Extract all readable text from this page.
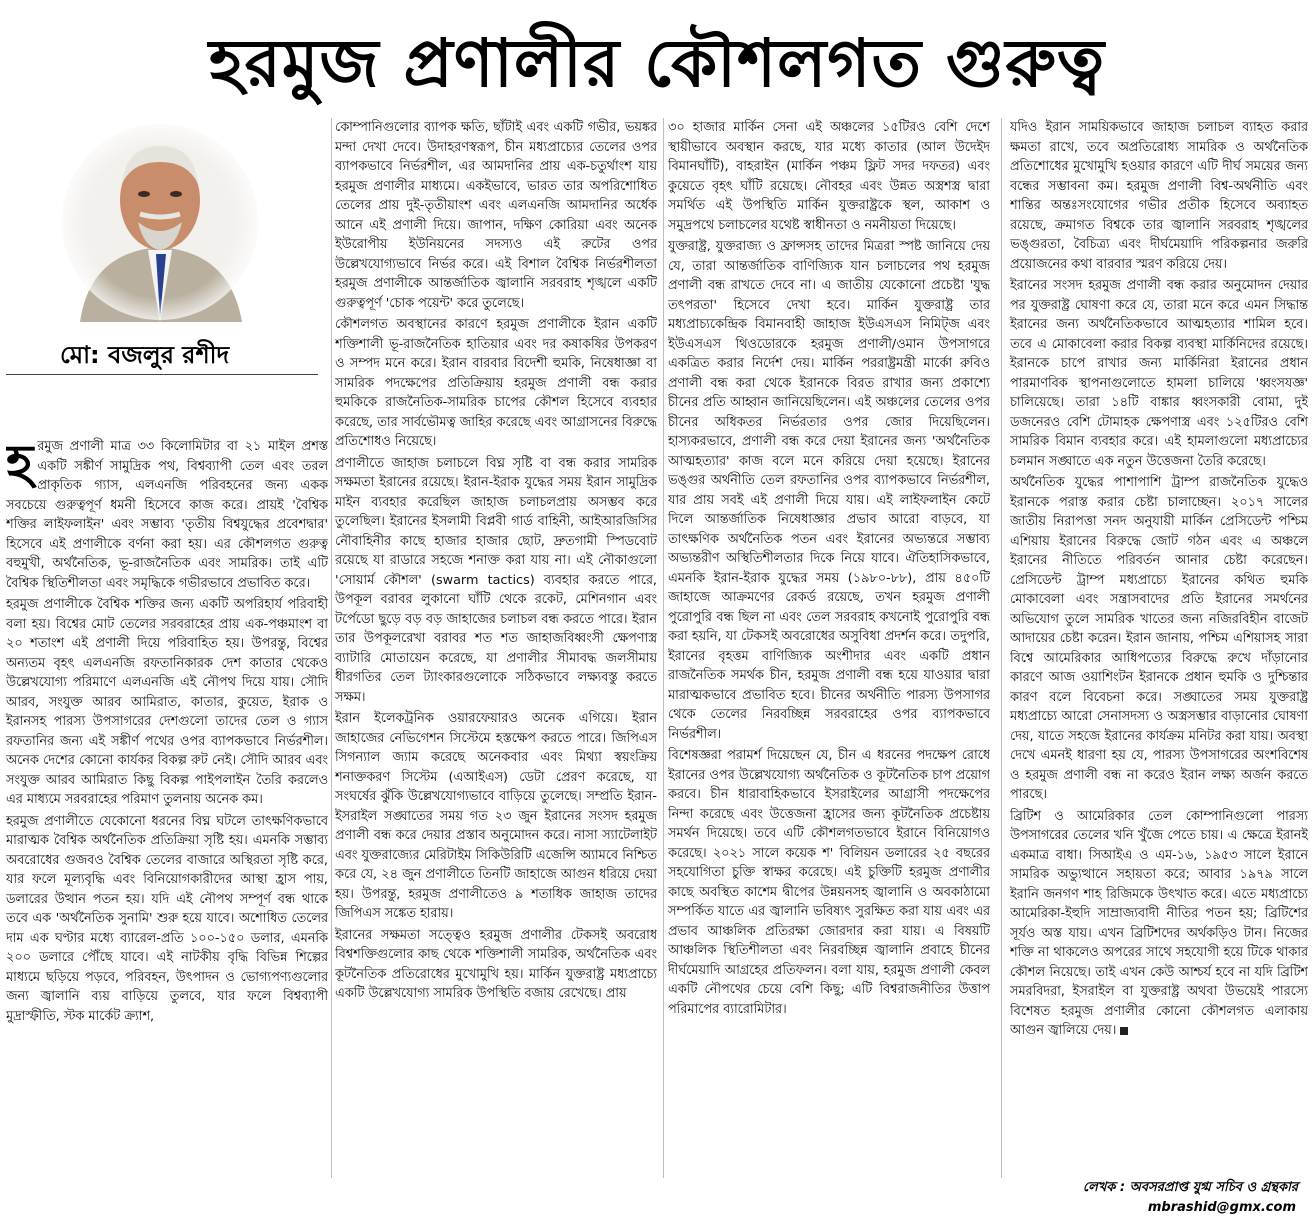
হরমুজ প্রণালীর কৌশলগত গুরুত্ব
মো: বজলুর রশীদ

হরমুজ প্রণালী মাত্র ৩৩ কিলোমিটার বা ২১ মাইল প্রশস্ত একটি সঙ্কীর্ণ সামুদ্রিক পথ, বিশ্বব্যাপী তেল এবং তরল প্রাকৃতিক গ্যাস, এলএনজি পরিবহনের জন্য একক সবচেয়ে গুরুত্বপূর্ণ ধমনী হিসেবে কাজ করে। প্রায়ই 'বৈশ্বিক শক্তির লাইফলাইন' এবং সম্ভাব্য 'তৃতীয় বিশ্বযুদ্ধের প্রবেশদ্বার' হিসেবে এই প্রণালীকে বর্ণনা করা হয়। এর কৌশলগত গুরুত্ব বহুমুখী, অর্থনৈতিক, ভূ-রাজনৈতিক এবং সামরিক। তাই এটি বৈশ্বিক স্থিতিশীলতা এবং সমৃদ্ধিকে গভীরভাবে প্রভাবিত করে।

হরমুজ প্রণালীকে বৈশ্বিক শক্তির জন্য একটি অপরিহার্য পরিবাহী বলা হয়। বিশ্বের মোট তেলের সরবরাহের প্রায় এক-পঞ্চমাংশ বা ২০ শতাংশ এই প্রণালী দিয়ে পরিবাহিত হয়। উপরন্তু, বিশ্বের অন্যতম বৃহৎ এলএনজি রফতানিকারক দেশ কাতার থেকেও উল্লেখযোগ্য পরিমাণে এলএনজি এই নৌপথ দিয়ে যায়। সৌদি আরব, সংযুক্ত আরব আমিরাত, কাতার, কুয়েত, ইরাক ও ইরানসহ পারস্য উপসাগরের দেশগুলো তাদের তেল ও গ্যাস রফতানির জন্য এই সঙ্কীর্ণ পথের ওপর ব্যাপকভাবে নির্ভরশীল। অনেক দেশের কোনো কার্যকর বিকল্প রুট নেই। সৌদি আরব এবং সংযুক্ত আরব আমিরাত কিছু বিকল্প পাইপলাইন তৈরি করলেও এর মাধ্যমে সরবরাহের পরিমাণ তুলনায় অনেক কম।

হরমুজ প্রণালীতে যেকোনো ধরনের বিঘ্ন ঘটলে তাৎক্ষণিকভাবে মারাত্মক বৈশ্বিক অর্থনৈতিক প্রতিক্রিয়া সৃষ্টি হয়। এমনকি সম্ভাব্য অবরোধের গুজবও বৈশ্বিক তেলের বাজারে অস্থিরতা সৃষ্টি করে, যার ফলে মূল্যবৃদ্ধি এবং বিনিয়োগকারীদের আস্থা হ্রাস পায়, ডলারের উত্থান পতন হয়। যদি এই নৌপথ সম্পূর্ণ বন্ধ থাকে তবে এক 'অর্থনৈতিক সুনামি' শুরু হয়ে যাবে। অশোধিত তেলের দাম এক ঘণ্টার মধ্যে ব্যারেল-প্রতি ১০০-১৫০ ডলার, এমনকি ২০০ ডলারে পৌঁছে যাবে। এই নাটকীয় বৃদ্ধি বিভিন্ন শিল্পের মাধ্যমে ছড়িয়ে পড়বে, পরিবহন, উৎপাদন ও ভোগ্যপণ্যগুলোর জন্য জ্বালানি ব্যয় বাড়িয়ে তুলবে, যার ফলে বিশ্বব্যাপী মুদ্রাস্ফীতি, স্টক মার্কেট ক্র্যাশ,

কোম্পানিগুলোর ব্যাপক ক্ষতি, ছাঁটাই এবং একটি গভীর, ভয়ঙ্কর মন্দা দেখা দেবে। উদাহরণস্বরূপ, চীন মধ্যপ্রাচ্যের তেলের ওপর ব্যাপকভাবে নির্ভরশীল, এর আমদানির প্রায় এক-চতুর্থাংশ যায় হরমুজ প্রণালীর মাধ্যমে। একইভাবে, ভারত তার অপরিশোধিত তেলের প্রায় দুই-তৃতীয়াংশ এবং এলএনজি আমদানির অর্ধেক আনে এই প্রণালী দিয়ে। জাপান, দক্ষিণ কোরিয়া এবং অনেক ইউরোপীয় ইউনিয়নের সদস্যও এই রুটের ওপর উল্লেখযোগ্যভাবে নির্ভর করে। এই বিশাল বৈশ্বিক নির্ভরশীলতা হরমুজ প্রণালীকে আন্তর্জাতিক জ্বালানি সরবরাহ শৃঙ্খলে একটি গুরুত্বপূর্ণ 'চোক পয়েন্ট' করে তুলেছে।

কৌশলগত অবস্থানের কারণে হরমুজ প্রণালীকে ইরান একটি শক্তিশালী ভূ-রাজনৈতিক হাতিয়ার এবং দর কষাকষির উপকরণ ও সম্পদ মনে করে। ইরান বারবার বিদেশী হুমকি, নিষেধাজ্ঞা বা সামরিক পদক্ষেপের প্রতিক্রিয়ায় হরমুজ প্রণালী বন্ধ করার হুমকিকে রাজনৈতিক-সামরিক চাপের কৌশল হিসেবে ব্যবহার করেছে, তার সার্বভৌমত্ব জাহির করেছে এবং আগ্রাসনের বিরুদ্ধে প্রতিশোধও নিয়েছে।

প্রণালীতে জাহাজ চলাচলে বিঘ্ন সৃষ্টি বা বন্ধ করার সামরিক সক্ষমতা ইরানের রয়েছে। ইরান-ইরাক যুদ্ধের সময় ইরান সামুদ্রিক মাইন ব্যবহার করেছিল জাহাজ চলাচলপ্রায় অসম্ভব করে তুলেছিল। ইরানের ইসলামী বিপ্লবী গার্ড বাহিনী, আইআরজিসির নৌবাহিনীর কাছে হাজার হাজার ছোট, দ্রুতগামী স্পিডবোট রয়েছে যা রাডারে সহজে শনাক্ত করা যায় না। এই নৌকাগুলো 'সোয়ার্ম কৌশল' (swarm tactics) ব্যবহার করতে পারে, উপকূল বরাবর লুকানো ঘাঁটি থেকে রকেট, মেশিনগান এবং টর্পেডো ছুড়ে বড় বড় জাহাজের চলাচল বন্ধ করতে পারে। ইরান তার উপকূলরেখা বরাবর শত শত জাহাজবিধ্বংসী ক্ষেপণাস্ত্র ব্যাটারি মোতায়েন করেছে, যা প্রণালীর সীমাবদ্ধ জলসীমায় ধীরগতির তেল ট্যাংকারগুলোকে সঠিকভাবে লক্ষ্যবস্তু করতে সক্ষম।

ইরান ইলেকট্রনিক ওয়ারফেয়ারও অনেক এগিয়ে। ইরান জাহাজের নেভিগেশন সিস্টেমে হস্তক্ষেপ করতে পারে। জিপিএস সিগন্যাল জ্যাম করেছে অনেকবার এবং মিথ্যা স্বয়ংক্রিয় শনাক্তকরণ সিস্টেম (এআইএস) ডেটা প্রেরণ করেছে, যা সংঘর্ষের ঝুঁকি উল্লেখযোগ্যভাবে বাড়িয়ে তুলেছে। সম্প্রতি ইরান-ইসরাইল সঙ্ঘাতের সময় গত ২৩ জুন ইরানের সংসদ হরমুজ প্রণালী বন্ধ করে দেয়ার প্রস্তাব অনুমোদন করে। নাসা স্যাটেলাইট এবং যুক্তরাজ্যের মেরিটাইম সিকিউরিটি এজেন্সি অ্যামবে নিশ্চিত করে যে, ২৪ জুন প্রণালীতে তিনটি জাহাজে আগুন ধরিয়ে দেয়া হয়। উপরন্তু, হরমুজ প্রণালীতেও ৯ শতাধিক জাহাজ তাদের জিপিএস সঙ্কেত হারায়।

ইরানের সক্ষমতা সত্ত্বেও হরমুজ প্রণালীর টেকসই অবরোধ বিশ্বশক্তিগুলোর কাছ থেকে শক্তিশালী সামরিক, অর্থনৈতিক এবং কূটনৈতিক প্রতিরোধের মুখোমুখি হয়। মার্কিন যুক্তরাষ্ট্র মধ্যপ্রাচ্যে একটি উল্লেখযোগ্য সামরিক উপস্থিতি বজায় রেখেছে। প্রায়

৩০ হাজার মার্কিন সেনা এই অঞ্চলের ১৫টিরও বেশি দেশে স্থায়ীভাবে অবস্থান করছে, যার মধ্যে কাতার (আল উদেইদ বিমানঘাঁটি), বাহরাইন (মার্কিন পঞ্চম ফ্লিট সদর দফতর) এবং কুয়েতে বৃহৎ ঘাঁটি রয়েছে। নৌবহর এবং উন্নত অস্ত্রশস্ত্র দ্বারা সমর্থিত এই উপস্থিতি মার্কিন যুক্তরাষ্ট্রকে স্থল, আকাশ ও সমুদ্রপথে চলাচলের যথেষ্ট স্বাধীনতা ও নমনীয়তা দিয়েছে।

যুক্তরাষ্ট্র, যুক্তরাজ্য ও ফ্রান্সসহ তাদের মিত্ররা স্পষ্ট জানিয়ে দেয় যে, তারা আন্তর্জাতিক বাণিজ্যিক যান চলাচলের পথ হরমুজ প্রণালী বন্ধ রাখতে দেবে না। এ জাতীয় যেকোনো প্রচেষ্টা 'যুদ্ধ তৎপরতা' হিসেবে দেখা হবে। মার্কিন যুক্তরাষ্ট্র তার মধ্যপ্রাচ্যকেন্দ্রিক বিমানবাহী জাহাজ ইউএসএস নিমিট্জ এবং ইউএসএস থিওডোরকে হরমুজ প্রণালী/ওমান উপসাগরে একত্রিত করার নির্দেশ দেয়। মার্কিন পররাষ্ট্রমন্ত্রী মার্কো রুবিও প্রণালী বন্ধ করা থেকে ইরানকে বিরত রাখার জন্য প্রকাশ্যে চীনের প্রতি আহ্বান জানিয়েছিলেন। এই অঞ্চলের তেলের ওপর চীনের অধিকতর নির্ভরতার ওপর জোর দিয়েছিলেন। হাস্যকরভাবে, প্রণালী বন্ধ করে দেয়া ইরানের জন্য 'অর্থনৈতিক আত্মহত্যার' কাজ বলে মনে করিয়ে দেয়া হয়েছে। ইরানের ভঙ্গুর অর্থনীতি তেল রফতানির ওপর ব্যাপকভাবে নির্ভরশীল, যার প্রায় সবই এই প্রণালী দিয়ে যায়। এই লাইফলাইন কেটে দিলে আন্তর্জাতিক নিষেধাজ্ঞার প্রভাব আরো বাড়বে, যা তাৎক্ষণিক অর্থনৈতিক পতন এবং ইরানের অভ্যন্তরে সম্ভাব্য অভ্যন্তরীণ অস্থিতিশীলতার দিকে নিয়ে যাবে। ঐতিহাসিকভাবে, এমনকি ইরান-ইরাক যুদ্ধের সময় (১৯৮০-৮৮), প্রায় ৪৫০টি জাহাজে আক্রমণের রেকর্ড রয়েছে, তখন হরমুজ প্রণালী পুরোপুরি বন্ধ ছিল না এবং তেল সরবরাহ কখনোই পুরোপুরি বন্ধ করা হয়নি, যা টেকসই অবরোধের অসুবিধা প্রদর্শন করে। তদুপরি, ইরানের বৃহত্তম বাণিজ্যিক অংশীদার এবং একটি প্রধান রাজনৈতিক সমর্থক চীন, হরমুজ প্রণালী বন্ধ হয়ে যাওয়ার দ্বারা মারাত্মকভাবে প্রভাবিত হবে। চীনের অর্থনীতি পারস্য উপসাগর থেকে তেলের নিরবচ্ছিন্ন সরবরাহের ওপর ব্যাপকভাবে নির্ভরশীল।

বিশেষজ্ঞরা পরামর্শ দিয়েছেন যে, চীন এ ধরনের পদক্ষেপ রোধে ইরানের ওপর উল্লেখযোগ্য অর্থনৈতিক ও কূটনৈতিক চাপ প্রয়োগ করবে। চীন ধারাবাহিকভাবে ইসরাইলের আগ্রাসী পদক্ষেপের নিন্দা করেছে এবং উত্তেজনা হ্রাসের জন্য কূটনৈতিক প্রচেষ্টায় সমর্থন দিয়েছে। তবে এটি কৌশলগতভাবে ইরানে বিনিয়োগও করেছে। ২০২১ সালে কয়েক শ' বিলিয়ন ডলারের ২৫ বছরের সহযোগিতা চুক্তি স্বাক্ষর করেছে। এই চুক্তিটি হরমুজ প্রণালীর কাছে অবস্থিত কাশেম দ্বীপের উন্নয়নসহ জ্বালানি ও অবকাঠামো সম্পর্কিত যাতে এর জ্বালানি ভবিষ্যৎ সুরক্ষিত করা যায় এবং এর প্রভাব আঞ্চলিক প্রতিরক্ষা জোরদার করা যায়। এ বিষয়টি আঞ্চলিক স্থিতিশীলতা এবং নিরবচ্ছিন্ন জ্বালানি প্রবাহে চীনের দীর্ঘমেয়াদি আগ্রহের প্রতিফলন। বলা যায়, হরমুজ প্রণালী কেবল একটি নৌপথের চেয়ে বেশি কিছু; এটি বিশ্বরাজনীতির উত্তাপ পরিমাপের ব্যারোমিটার।

যদিও ইরান সাময়িকভাবে জাহাজ চলাচল ব্যাহত করার ক্ষমতা রাখে, তবে অপ্রতিরোধ্য সামরিক ও অর্থনৈতিক প্রতিশোধের মুখোমুখি হওয়ার কারণে এটি দীর্ঘ সময়ের জন্য বন্ধের সম্ভাবনা কম। হরমুজ প্রণালী বিশ্ব-অর্থনীতি এবং শান্তির অন্তঃসংযোগের গভীর প্রতীক হিসেবে অব্যাহত রয়েছে, ক্রমাগত বিশ্বকে তার জ্বালানি সরবরাহ শৃঙ্খলের ভঙ্গুরতা, বৈচিত্র্য এবং দীর্ঘমেয়াদি পরিকল্পনার জরুরি প্রয়োজনের কথা বারবার স্মরণ করিয়ে দেয়।

ইরানের সংসদ হরমুজ প্রণালী বন্ধ করার অনুমোদন দেয়ার পর যুক্তরাষ্ট্র ঘোষণা করে যে, তারা মনে করে এমন সিদ্ধান্ত ইরানের জন্য অর্থনৈতিকভাবে আত্মহত্যার শামিল হবে। তবে এ মোকাবেলা করার বিকল্প ব্যবস্থা মার্কিনিদের রয়েছে। ইরানকে চাপে রাখার জন্য মার্কিনিরা ইরানের প্রধান পারমাণবিক স্থাপনাগুলোতে হামলা চালিয়ে 'ধ্বংসযজ্ঞ' চালিয়েছে। তারা ১৪টি বাঙ্কার ধ্বংসকারী বোমা, দুই ডজনেরও বেশি টোমাহক ক্ষেপণাস্ত্র এবং ১২৫টিরও বেশি সামরিক বিমান ব্যবহার করে। এই হামলাগুলো মধ্যপ্রাচ্যের চলমান সঙ্ঘাতে এক নতুন উত্তেজনা তৈরি করেছে।

অর্থনৈতিক যুদ্ধের পাশাপাশি ট্রাম্প রাজনৈতিক যুদ্ধেও ইরানকে পরাস্ত করার চেষ্টা চালাচ্ছেন। ২০১৭ সালের জাতীয় নিরাপত্তা সনদ অনুযায়ী মার্কিন প্রেসিডেন্ট পশ্চিম এশিয়ায় ইরানের বিরুদ্ধে জোট গঠন এবং এ অঞ্চলে ইরানের নীতিতে পরিবর্তন আনার চেষ্টা করেছেন। প্রেসিডেন্ট ট্রাম্প মধ্যপ্রাচ্যে ইরানের কথিত হুমকি মোকাবেলা এবং সন্ত্রাসবাদের প্রতি ইরানের সমর্থনের অভিযোগ তুলে সামরিক খাতের জন্য নজিরবিহীন বাজেট আদায়ের চেষ্টা করেন। ইরান জানায়, পশ্চিম এশিয়াসহ সারা বিশ্বে আমেরিকার আধিপত্যের বিরুদ্ধে রুখে দাঁড়ানোর কারণে আজ ওয়াশিংটন ইরানকে প্রধান হুমকি ও দুশ্চিন্তার কারণ বলে বিবেচনা করে। সঙ্ঘাতের সময় যুক্তরাষ্ট্র মধ্যপ্রাচ্যে আরো সেনাসদস্য ও অস্ত্রসম্ভার বাড়ানোর ঘোষণা দেয়, যাতে সহজে ইরানের কার্যক্রম মনিটর করা যায়। অবস্থা দেখে এমনই ধারণা হয় যে, পারস্য উপসাগরের অংশবিশেষ ও হরমুজ প্রণালী বন্ধ না করেও ইরান লক্ষ্য অর্জন করতে পারছে।

ব্রিটিশ ও আমেরিকার তেল কোম্পানিগুলো পারস্য উপসাগরের তেলের খনি খুঁজে পেতে চায়। এ ক্ষেত্রে ইরানই একমাত্র বাধা। সিআইএ ও এম-১৬, ১৯৫৩ সালে ইরানে সামরিক অভ্যুত্থানে সহায়তা করে; আবার ১৯৭৯ সালে ইরানি জনগণ শাহ রিজিমকে উৎখাত করে। এতে মধ্যপ্রাচ্যে আমেরিকা-ইহুদি সাম্রাজ্যবাদী নীতির পতন হয়; ব্রিটিশের সূর্যও অস্ত যায়। এখন ব্রিটিশদের অর্থকড়িও টান। নিজের শক্তি না থাকলেও অপরের সাথে সহযোগী হয়ে টিকে থাকার কৌশল নিয়েছে। তাই এখন কেউ আশ্চর্য হবে না যদি ব্রিটিশ সমরবিদরা, ইসরাইল বা যুক্তরাষ্ট্র অথবা উভয়েই পারস্যে বিশেষত হরমুজ প্রণালীর কোনো কৌশলগত এলাকায় আগুন জ্বালিয়ে দেয়।

লেখক : অবসরপ্রাপ্ত যুগ্ম সচিব ও গ্রন্থকার
mbrashid@gmx.com
